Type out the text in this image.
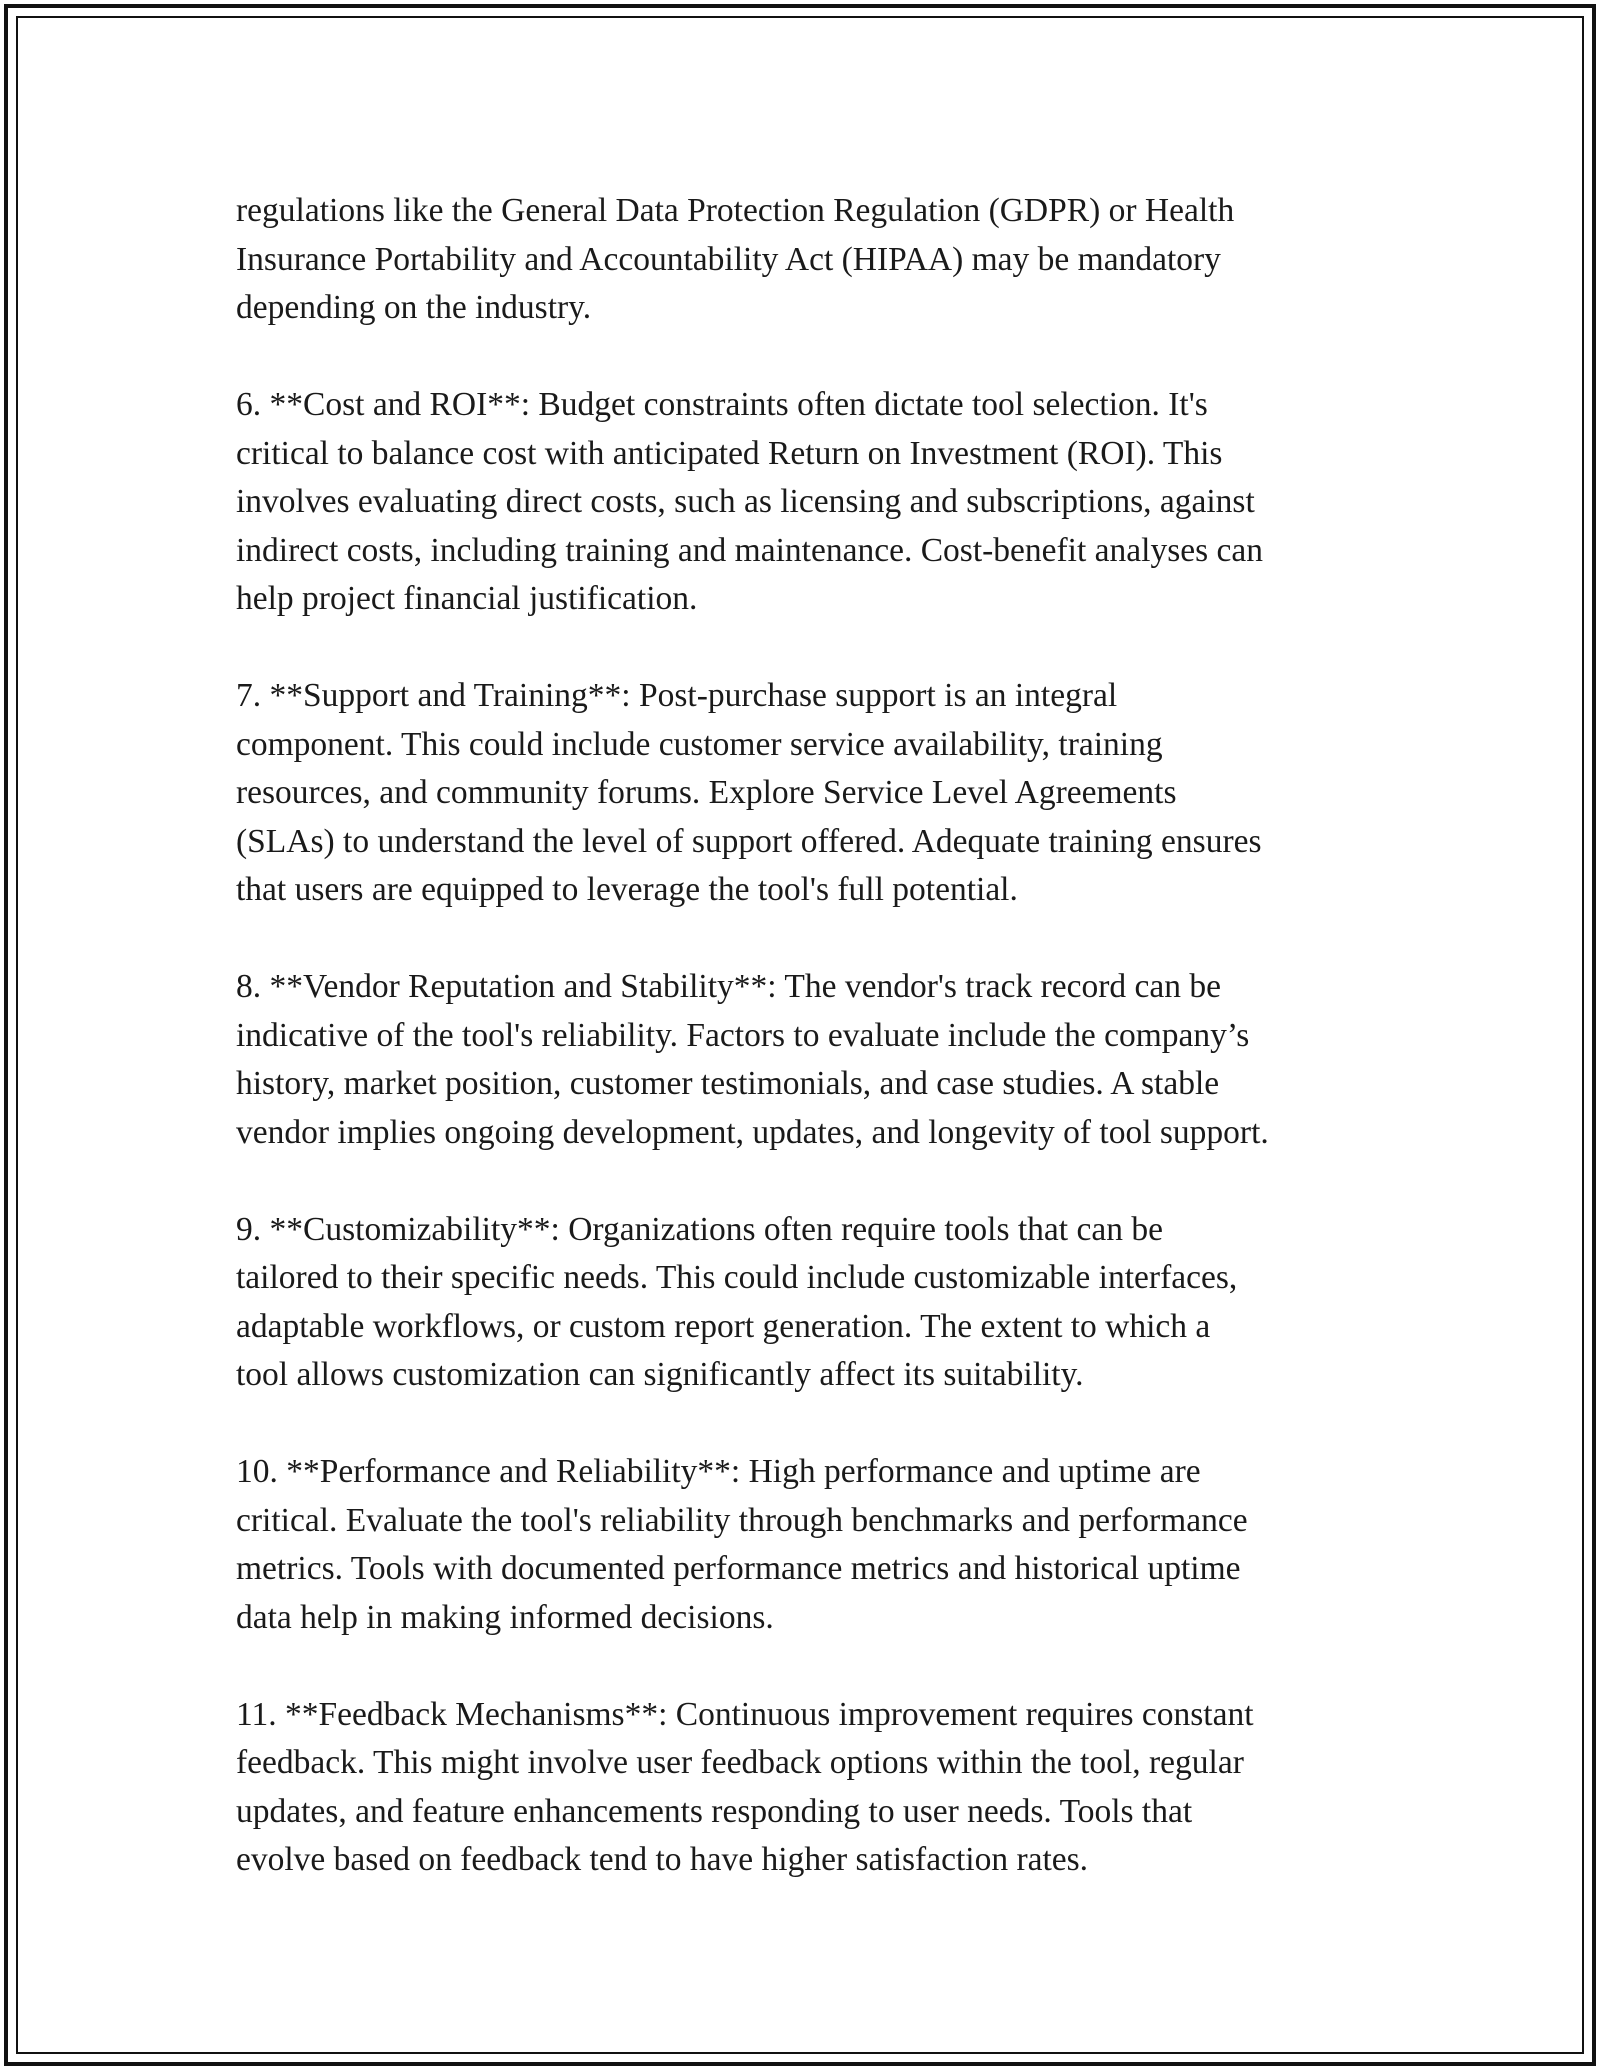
regulations like the General Data Protection Regulation (GDPR) or Health
Insurance Portability and Accountability Act (HIPAA) may be mandatory
depending on the industry.

6. **Cost and ROI**: Budget constraints often dictate tool selection. It's
critical to balance cost with anticipated Return on Investment (ROI). This
involves evaluating direct costs, such as licensing and subscriptions, against
indirect costs, including training and maintenance. Cost-benefit analyses can
help project financial justification.

7. **Support and Training**: Post-purchase support is an integral
component. This could include customer service availability, training
resources, and community forums. Explore Service Level Agreements
(SLAs) to understand the level of support offered. Adequate training ensures
that users are equipped to leverage the tool's full potential.

8. **Vendor Reputation and Stability**: The vendor's track record can be
indicative of the tool's reliability. Factors to evaluate include the company’s
history, market position, customer testimonials, and case studies. A stable
vendor implies ongoing development, updates, and longevity of tool support.

9. **Customizability**: Organizations often require tools that can be
tailored to their specific needs. This could include customizable interfaces,
adaptable workflows, or custom report generation. The extent to which a
tool allows customization can significantly affect its suitability.

10. **Performance and Reliability**: High performance and uptime are
critical. Evaluate the tool's reliability through benchmarks and performance
metrics. Tools with documented performance metrics and historical uptime
data help in making informed decisions.

11. **Feedback Mechanisms**: Continuous improvement requires constant
feedback. This might involve user feedback options within the tool, regular
updates, and feature enhancements responding to user needs. Tools that
evolve based on feedback tend to have higher satisfaction rates.
